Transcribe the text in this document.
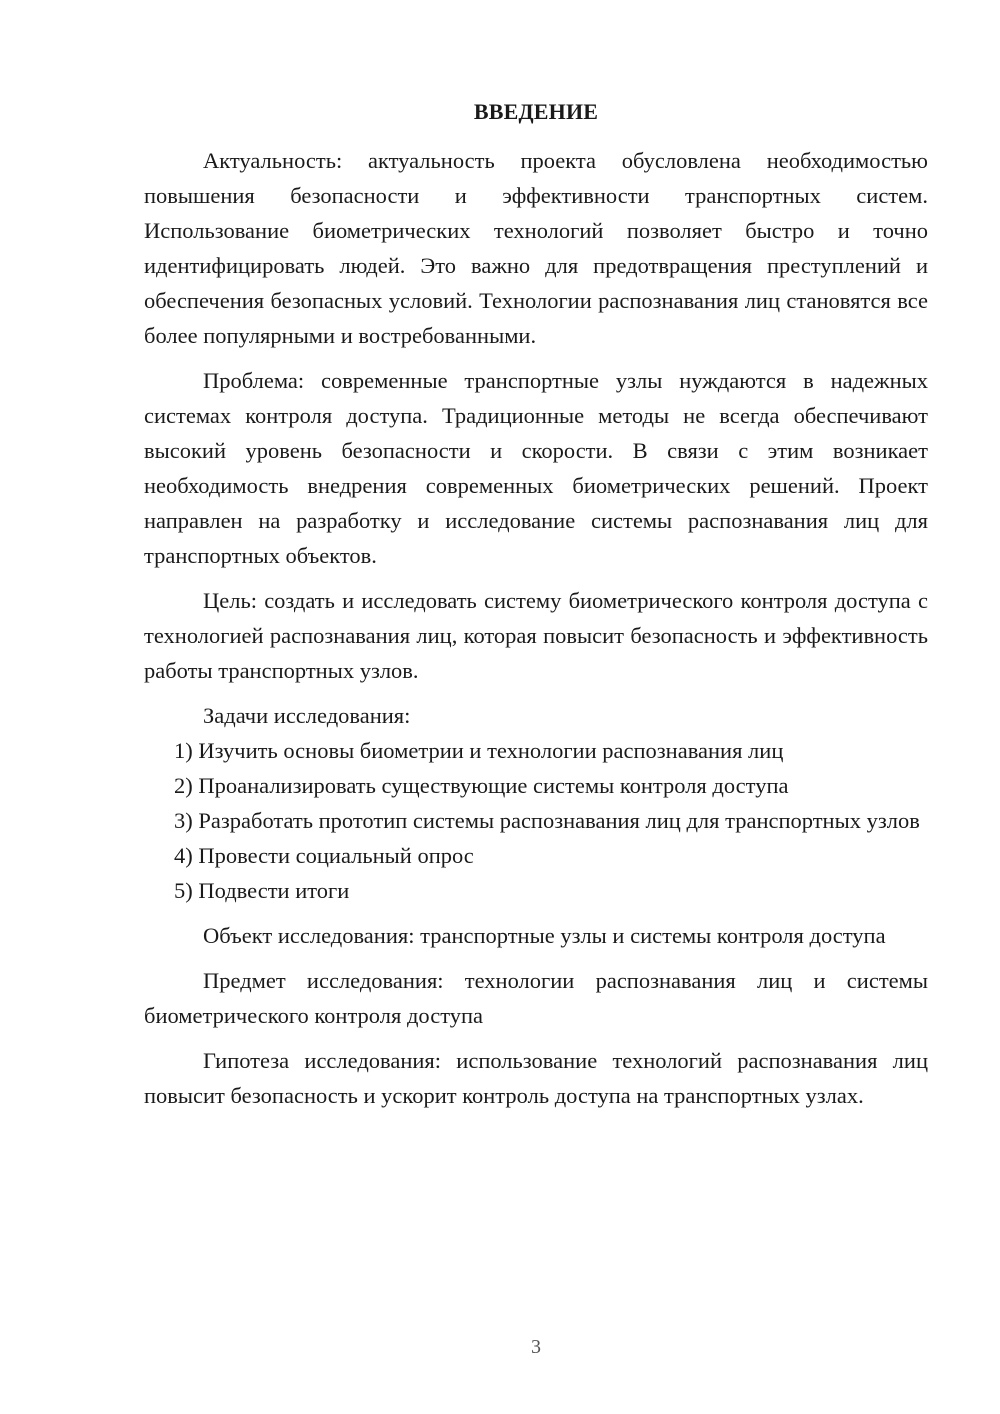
ВВЕДЕНИЕ

Актуальность: актуальность проекта обусловлена необходимостью повышения безопасности и эффективности транспортных систем. Использование биометрических технологий позволяет быстро и точно идентифицировать людей. Это важно для предотвращения преступлений и обеспечения безопасных условий. Технологии распознавания лиц становятся все более популярными и востребованными.

Проблема: современные транспортные узлы нуждаются в надежных системах контроля доступа. Традиционные методы не всегда обеспечивают высокий уровень безопасности и скорости. В связи с этим возникает необходимость внедрения современных биометрических решений. Проект направлен на разработку и исследование системы распознавания лиц для транспортных объектов.

Цель: создать и исследовать систему биометрического контроля доступа с технологией распознавания лиц, которая повысит безопасность и эффективность работы транспортных узлов.

Задачи исследования:

1) Изучить основы биометрии и технологии распознавания лиц

2) Проанализировать существующие системы контроля доступа

3) Разработать прототип системы распознавания лиц для транспортных узлов

4) Провести социальный опрос

5) Подвести итоги

Объект исследования: транспортные узлы и системы контроля доступа

Предмет исследования: технологии распознавания лиц и системы биометрического контроля доступа

Гипотеза исследования: использование технологий распознавания лиц повысит безопасность и ускорит контроль доступа на транспортных узлах.

3
